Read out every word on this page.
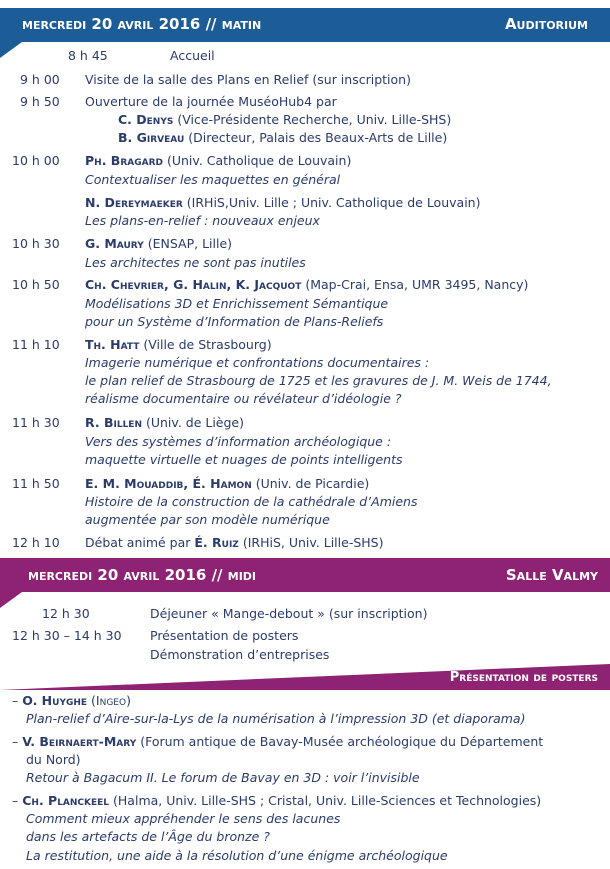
mercredi 20 avril 2016 // matin	Auditorium
8 h 45	Accueil
9 h 00 Visite de la salle des Plans en Relief (sur inscription)
9 h 50 Ouverture de la journée MuséoHub4 par
C. Denys (Vice-Présidente Recherche, Univ. Lille-SHS)
B. Girveau (Directeur, Palais des Beaux-Arts de Lille)
10 h 00 Ph. Bragard (Univ. Catholique de Louvain)
Contextualiser les maquettes en général
N. Dereymaeker (IRHiS,Univ. Lille ; Univ. Catholique de Louvain)
Les plans-en-relief : nouveaux enjeux
10 h 30 G. Maury (ENSAP, Lille)
Les architectes ne sont pas inutiles
10 h 50 Ch. Chevrier, G. Halin, K. Jacquot (Map-Crai, Ensa, UMR 3495, Nancy)
Modélisations 3D et Enrichissement Sémantique
pour un Système d’Information de Plans-Reliefs
11 h 10 Th. Hatt (Ville de Strasbourg)
Imagerie numérique et confrontations documentaires :
le plan relief de Strasbourg de 1725 et les gravures de J. M. Weis de 1744,
réalisme documentaire ou révélateur d’idéologie ?
11 h 30 R. Billen (Univ. de Liège)
Vers des systèmes d’information archéologique :
maquette virtuelle et nuages de points intelligents
11 h 50 E. M. Mouaddib, É. Hamon (Univ. de Picardie)
Histoire de la construction de la cathédrale d’Amiens
augmentée par son modèle numérique
12 h 10 Débat animé par É. Ruiz (IRHiS, Univ. Lille-SHS)
mercredi 20 avril 2016 // midi	Salle Valmy
12 h 30	Déjeuner « Mange-debout » (sur inscription)
12 h 30 – 14 h 30 Présentation de posters
Démonstration d’entreprises
Présentation de posters
– O. Huyghe (Ingeo)
Plan-relief d’Aire-sur-la-Lys de la numérisation à l’impression 3D (et diaporama)
– V. Beirnaert-Mary (Forum antique de Bavay-Musée archéologique du Département
du Nord)
Retour à Bagacum II. Le forum de Bavay en 3D : voir l’invisible
– Ch. Planckeel (Halma, Univ. Lille-SHS ; Cristal, Univ. Lille-Sciences et Technologies)
Comment mieux appréhender le sens des lacunes
dans les artefacts de l’Âge du bronze ?
La restitution, une aide à la résolution d’une énigme archéologique
